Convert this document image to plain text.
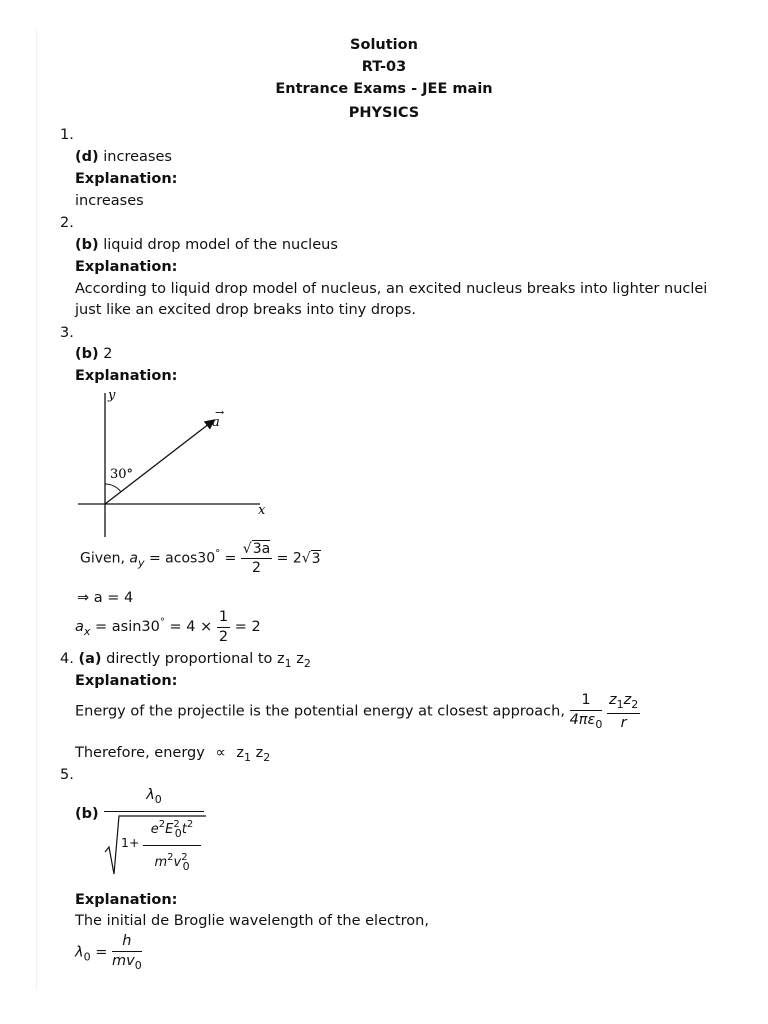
Solution
RT-03
Entrance Exams - JEE main
PHYSICS
1.
(d) increases
Explanation:
increases
2.
(b) liquid drop model of the nucleus
Explanation:
According to liquid drop model of nucleus, an excited nucleus breaks into lighter nuclei
just like an excited drop breaks into tiny drops.
3.
(b) 2
Explanation:
y
x
a
→
30°
Given, $a_y = acos30^\circ = \frac{√3a}{2} = 2√3$
⇒ a = 4
$a_x = asin30^\circ = 4 \times \frac{1}{2} = 2$
4. (a) directly proportional to $z_1$ $z_2$
Explanation:
Energy of the projectile is the potential energy at closest approach, $\frac{1}{4\pi\varepsilon_0}$
$\frac{z_1z_2}{r}$
Therefore, energy ∝ $z_1$ $z_2$
5.
(b)
$\lambda_0$
1+
$e^2E^2_0t^2$
$m^2v^2_0$
Explanation:
The initial de Broglie wavelength of the electron,
$\lambda_0 = \frac{h}{mv_0}$
